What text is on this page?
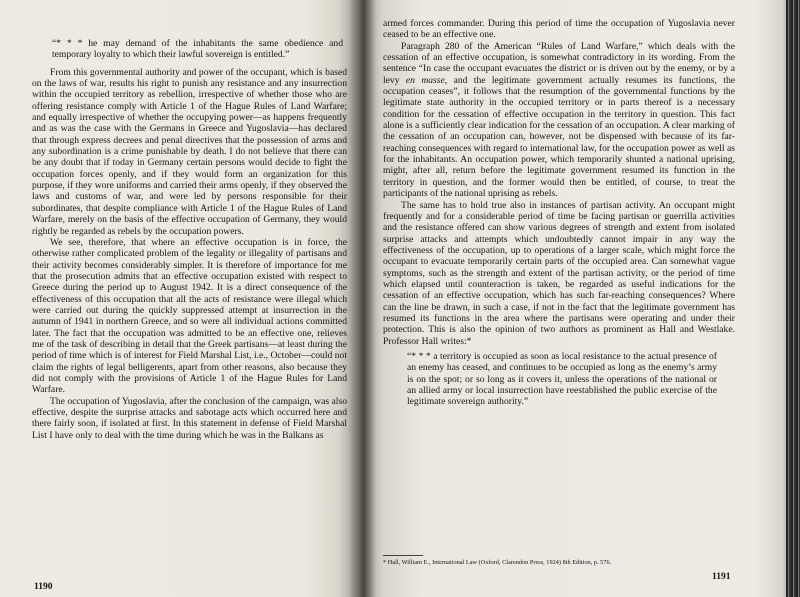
“* * * he may demand of the inhabitants the same obedience and temporary loyalty to which their lawful sovereign is entitled.”

From this governmental authority and power of the occupant, which is based on the laws of war, results his right to punish any resistance and any insurrection within the occupied territory as rebellion, irrespective of whether those who are offering resistance comply with Article 1 of the Hague Rules of Land Warfare; and equally irrespective of whether the occupying power—as happens frequently and as was the case with the Germans in Greece and Yugoslavia—has declared that through express decrees and penal directives that the possession of arms and any subordination is a crime punishable by death. I do not believe that there can be any doubt that if today in Germany certain persons would decide to fight the occupation forces openly, and if they would form an organization for this purpose, if they wore uniforms and carried their arms openly, if they observed the laws and customs of war, and were led by persons responsible for their subordinates, that despite compliance with Article 1 of the Hague Rules of Land Warfare, merely on the basis of the effective occupation of Germany, they would rightly be regarded as rebels by the occupation powers.

We see, therefore, that where an effective occupation is in force, the otherwise rather complicated problem of the legality or illegality of partisans and their activity becomes considerably simpler. It is therefore of importance for me that the prosecution admits that an effective occupation existed with respect to Greece during the period up to August 1942. It is a direct consequence of the effectiveness of this occupation that all the acts of resistance were illegal which were carried out during the quickly suppressed attempt at insurrection in the autumn of 1941 in northern Greece, and so were all individual actions committed later. The fact that the occupation was admitted to be an effective one, relieves me of the task of describing in detail that the Greek partisans—at least during the period of time which is of interest for Field Marshal List, i.e., October—could not claim the rights of legal belligerents, apart from other reasons, also because they did not comply with the provisions of Article 1 of the Hague Rules for Land Warfare.

The occupation of Yugoslavia, after the conclusion of the campaign, was also effective, despite the surprise attacks and sabotage acts which occurred here and there fairly soon, if isolated at first. In this statement in defense of Field Marshal List I have only to deal with the time during which he was in the Balkans as

1190

armed forces commander. During this period of time the occupation of Yugoslavia never ceased to be an effective one.

Paragraph 280 of the American “Rules of Land Warfare,” which deals with the cessation of an effective occupation, is somewhat contradictory in its wording. From the sentence “In case the occupant evacuates the district or is driven out by the enemy, or by a levy en masse, and the legitimate government actually resumes its functions, the occupation ceases”, it follows that the resumption of the governmental functions by the legitimate state authority in the occupied territory or in parts thereof is a necessary condition for the cessation of effective occupation in the territory in question. This fact alone is a sufficiently clear indication for the cessation of an occupation. A clear marking of the cessation of an occupation can, however, not be dispensed with because of its far-reaching consequences with regard to international law, for the occupation power as well as for the inhabitants. An occupation power, which temporarily shunted a national uprising, might, after all, return before the legitimate government resumed its function in the territory in question, and the former would then be entitled, of course, to treat the participants of the national uprising as rebels.

The same has to hold true also in instances of partisan activity. An occupant might frequently and for a considerable period of time be facing partisan or guerrilla activities and the resistance offered can show various degrees of strength and extent from isolated surprise attacks and attempts which undoubtedly cannot impair in any way the effectiveness of the occupation, up to operations of a larger scale, which might force the occupant to evacuate temporarily certain parts of the occupied area. Can somewhat vague symptoms, such as the strength and extent of the partisan activity, or the period of time which elapsed until counteraction is taken, be regarded as useful indications for the cessation of an effective occupation, which has such far-reaching consequences? Where can the line be drawn, in such a case, if not in the fact that the legitimate government has resumed its functions in the area where the partisans were operating and under their protection. This is also the opinion of two authors as prominent as Hall and Westlake. Professor Hall writes:*

“* * * a territory is occupied as soon as local resistance to the actual presence of an enemy has ceased, and continues to be occupied as long as the enemy’s army is on the spot; or so long as it covers it, unless the operations of the national or an allied army or local insurrection have reestablished the public exercise of the legitimate sovereign authority.”

* Hall, William E., International Law (Oxford, Clarendon Press, 1924) 8th Edition, p. 576.
1191
